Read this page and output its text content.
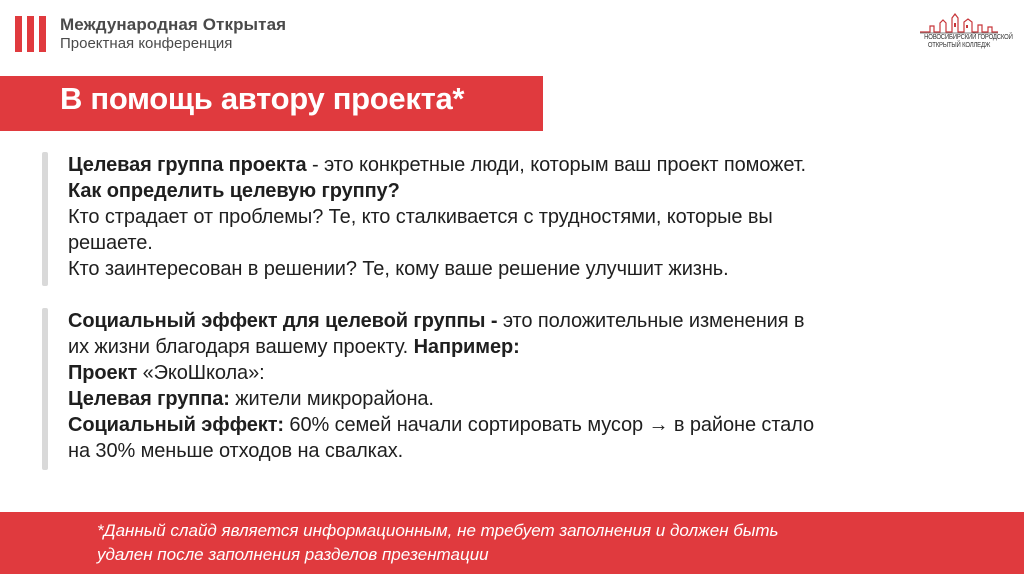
Международная Открытая
Проектная конференция	НОВОСИБИРСКИЙ ГОРОДСКОЙ
ОТКРЫТЫЙ КОЛЛЕДЖ
В помощь автору проекта*

Целевая группа проекта - это конкретные люди, которым ваш проект поможет.

Как определить целевую группу?

Кто страдает от проблемы? Те, кто сталкивается с трудностями, которые вы

решаете.

Кто заинтересован в решении? Те, кому ваше решение улучшит жизнь.

Социальный эффект для целевой группы - это положительные изменения в

их жизни благодаря вашему проекту. Например:

Проект «ЭкоШкола»:

Целевая группа: жители микрорайона.

Социальный эффект: 60% семей начали сортировать мусор → в районе стало

на 30% меньше отходов на свалках.

*Данный слайд является информационным, не требует заполнения и должен быть
удален после заполнения разделов презентации
